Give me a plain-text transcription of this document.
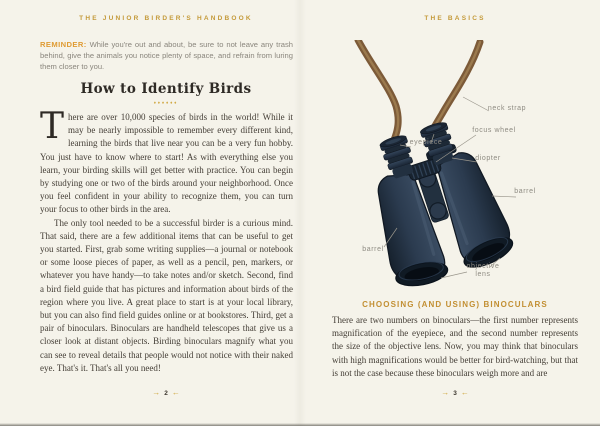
THE JUNIOR BIRDER'S HANDBOOK
REMINDER: While you're out and about, be sure to not leave any trash behind, give the animals you notice plenty of space, and refrain from luring them closer to you.
How to Identify Birds
♦♦♦♦♦♦

There are over 10,000 species of birds in the world! While it may be nearly impossible to remember every different kind, learning the birds that live near you can be a very fun hobby. You just have to know where to start! As with everything else you learn, your birding skills will get better with practice. You can begin by studying one or two of the birds around your neighborhood. Once you feel confident in your ability to recognize them, you can turn your focus to other birds in the area.

The only tool needed to be a successful birder is a curious mind. That said, there are a few additional items that can be useful to get you started. First, grab some writing supplies—a journal or notebook or some loose pieces of paper, as well as a pencil, pen, markers, or whatever you have handy—to take notes and/or sketch. Second, find a bird field guide that has pictures and information about birds of the region where you live. A great place to start is at your local library, but you can also find field guides online or at bookstores. Third, get a pair of binoculars. Binoculars are handheld telescopes that give us a closer look at distant objects. Birding binoculars magnify what you can see to reveal details that people would not notice with their naked eye. That's it. That's all you need!

→ 2 ←
THE BASICS
neck strap
focus wheel
diopter
eyepiece
barrel
barrel
objective lens
CHOOSING (AND USING) BINOCULARS
There are two numbers on binoculars—the first number represents magnification of the eyepiece, and the second number represents the size of the objective lens. Now, you may think that binoculars with high magnifications would be better for bird-watching, but that is not the case because these binoculars weigh more and are
→ 3 ←
